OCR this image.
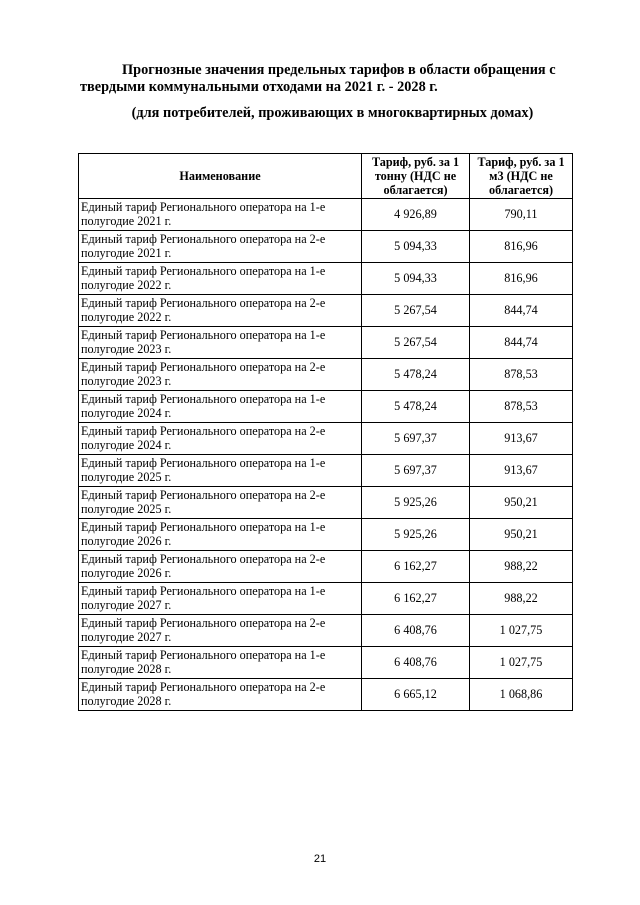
Прогнозные значения предельных тарифов в области обращения с твердыми коммунальными отходами на 2021 г. - 2028 г.
(для потребителей, проживающих в многоквартирных домах)
Наименование	Тариф, руб. за 1 тонну (НДС не облагается)	Тариф, руб. за 1 м3 (НДС не облагается)
Единый тариф Регионального оператора на 1-е полугодие 2021 г.	4 926,89	790,11
Единый тариф Регионального оператора на 2-е полугодие 2021 г.	5 094,33	816,96
Единый тариф Регионального оператора на 1-е полугодие 2022 г.	5 094,33	816,96
Единый тариф Регионального оператора на 2-е полугодие 2022 г.	5 267,54	844,74
Единый тариф Регионального оператора на 1-е полугодие 2023 г.	5 267,54	844,74
Единый тариф Регионального оператора на 2-е полугодие 2023 г.	5 478,24	878,53
Единый тариф Регионального оператора на 1-е полугодие 2024 г.	5 478,24	878,53
Единый тариф Регионального оператора на 2-е полугодие 2024 г.	5 697,37	913,67
Единый тариф Регионального оператора на 1-е полугодие 2025 г.	5 697,37	913,67
Единый тариф Регионального оператора на 2-е полугодие 2025 г.	5 925,26	950,21
Единый тариф Регионального оператора на 1-е полугодие 2026 г.	5 925,26	950,21
Единый тариф Регионального оператора на 2-е полугодие 2026 г.	6 162,27	988,22
Единый тариф Регионального оператора на 1-е полугодие 2027 г.	6 162,27	988,22
Единый тариф Регионального оператора на 2-е полугодие 2027 г.	6 408,76	1 027,75
Единый тариф Регионального оператора на 1-е полугодие 2028 г.	6 408,76	1 027,75
Единый тариф Регионального оператора на 2-е полугодие 2028 г.	6 665,12	1 068,86
21
